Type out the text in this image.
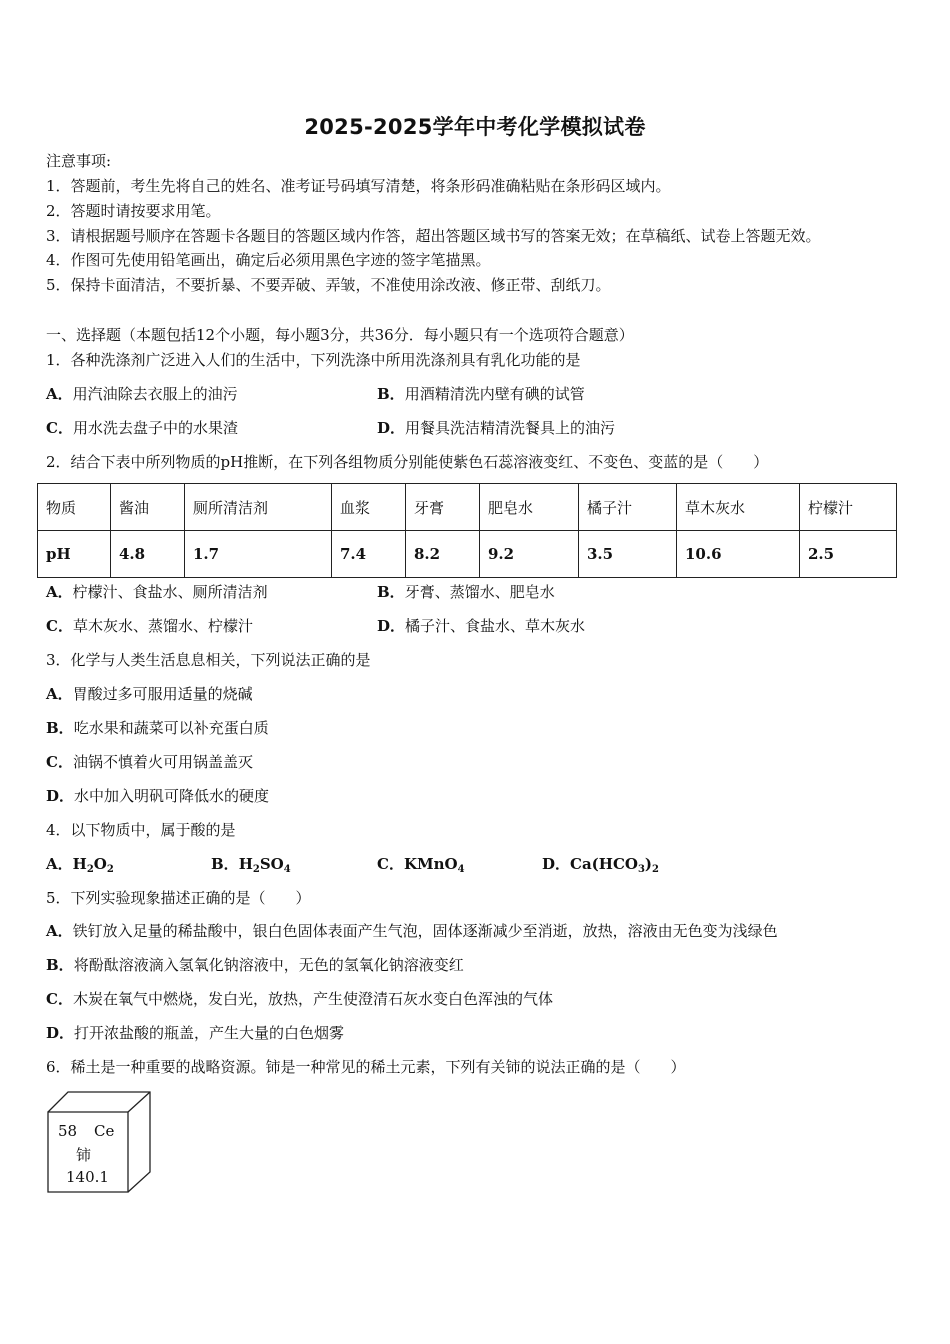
2025-2025学年中考化学模拟试卷
注意事项:
1．答题前，考生先将自己的姓名、准考证号码填写清楚，将条形码准确粘贴在条形码区域内。
2．答题时请按要求用笔。
3．请根据题号顺序在答题卡各题目的答题区域内作答，超出答题区域书写的答案无效；在草稿纸、试卷上答题无效。
4．作图可先使用铅笔画出，确定后必须用黑色字迹的签字笔描黑。
5．保持卡面清洁，不要折暴、不要弄破、弄皱，不准使用涂改液、修正带、刮纸刀。
一、选择题（本题包括12个小题，每小题3分，共36分．每小题只有一个选项符合题意）
1．各种洗涤剂广泛进入人们的生活中，下列洗涤中所用洗涤剂具有乳化功能的是
A．用汽油除去衣服上的油污	B．用酒精清洗内壁有碘的试管
C．用水洗去盘子中的水果渣	D．用餐具洗洁精清洗餐具上的油污
2．结合下表中所列物质的pH推断，在下列各组物质分别能使紫色石蕊溶液变红、不变色、变蓝的是（　　）
物质	酱油	厕所清洁剂	血浆	牙膏	肥皂水	橘子汁	草木灰水	柠檬汁
pH	4.8	1.7	7.4	8.2	9.2	3.5	10.6	2.5
A．柠檬汁、食盐水、厕所清洁剂	B．牙膏、蒸馏水、肥皂水
C．草木灰水、蒸馏水、柠檬汁	D．橘子汁、食盐水、草木灰水
3．化学与人类生活息息相关，下列说法正确的是
A．胃酸过多可服用适量的烧碱
B．吃水果和蔬菜可以补充蛋白质
C．油锅不慎着火可用锅盖盖灭
D．水中加入明矾可降低水的硬度
4．以下物质中，属于酸的是
A．$H_2O_2$	B．$H_2SO_4$	C．KMnO$_4$	D．$Ca(HCO_3)_2$
5．下列实验现象描述正确的是（　　）
A．铁钉放入足量的稀盐酸中，银白色固体表面产生气泡，固体逐渐减少至消逝，放热，溶液由无色变为浅绿色
B．将酚酞溶液滴入氢氧化钠溶液中，无色的氢氧化钠溶液变红
C．木炭在氧气中燃烧，发白光，放热，产生使澄清石灰水变白色浑浊的气体
D．打开浓盐酸的瓶盖，产生大量的白色烟雾
6．稀土是一种重要的战略资源。铈是一种常见的稀土元素，下列有关铈的说法正确的是（　　）
58 Ce
铈
140.1
